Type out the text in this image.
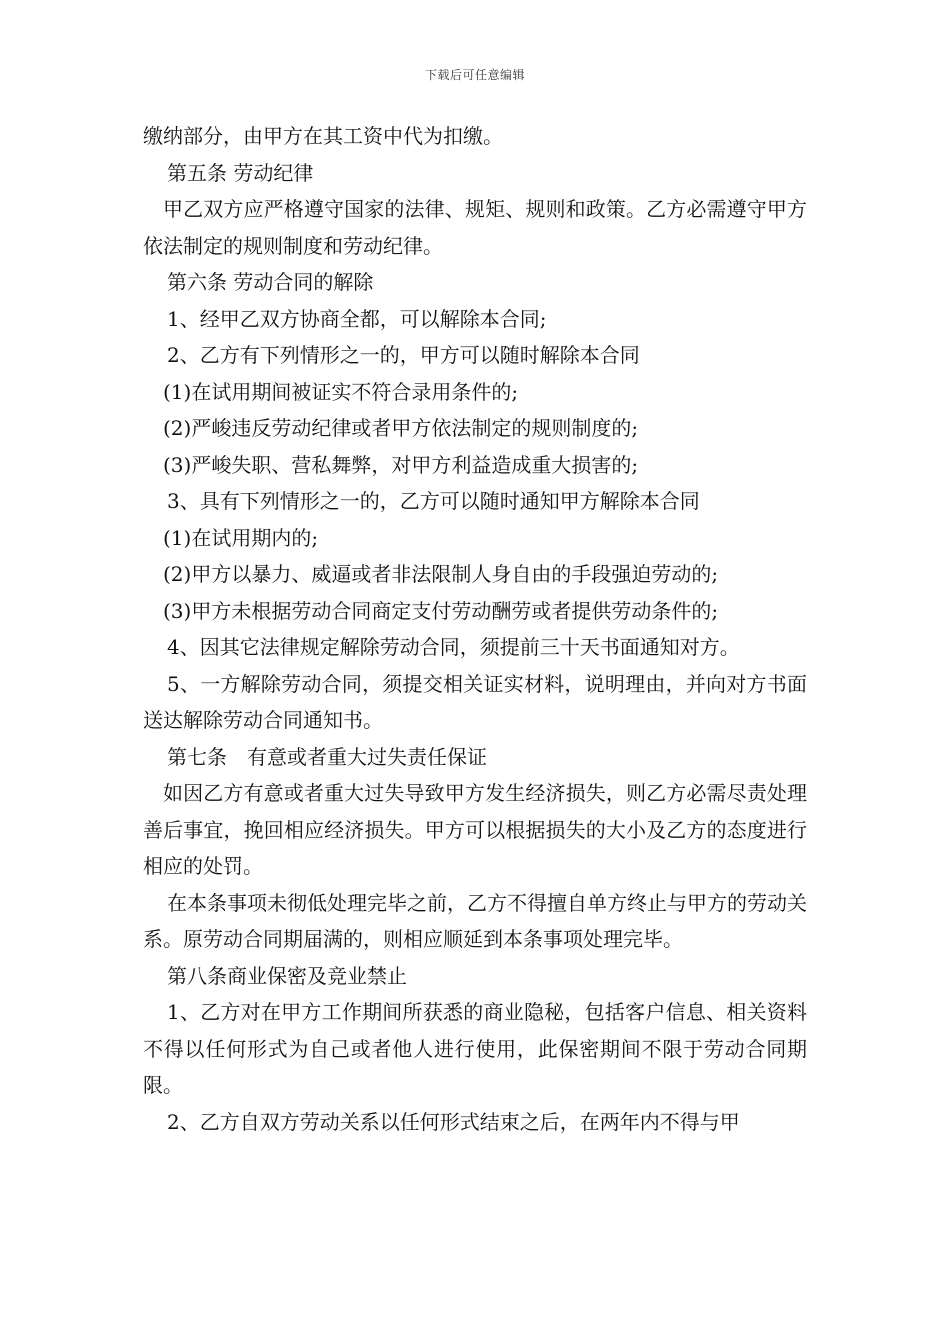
下载后可任意编辑

缴纳部分，由甲方在其工资中代为扣缴。

第五条 劳动纪律

甲乙双方应严格遵守国家的法律、规矩、规则和政策。乙方必需遵守甲方依法制定的规则制度和劳动纪律。

第六条 劳动合同的解除

1、经甲乙双方协商全都，可以解除本合同;

2、乙方有下列情形之一的，甲方可以随时解除本合同

(1)在试用期间被证实不符合录用条件的;

(2)严峻违反劳动纪律或者甲方依法制定的规则制度的;

(3)严峻失职、营私舞弊，对甲方利益造成重大损害的;

3、具有下列情形之一的，乙方可以随时通知甲方解除本合同

(1)在试用期内的;

(2)甲方以暴力、威逼或者非法限制人身自由的手段强迫劳动的;

(3)甲方未根据劳动合同商定支付劳动酬劳或者提供劳动条件的;

4、因其它法律规定解除劳动合同，须提前三十天书面通知对方。

5、一方解除劳动合同，须提交相关证实材料，说明理由，并向对方书面送达解除劳动合同通知书。

第七条　有意或者重大过失责任保证

如因乙方有意或者重大过失导致甲方发生经济损失，则乙方必需尽责处理善后事宜，挽回相应经济损失。甲方可以根据损失的大小及乙方的态度进行相应的处罚。

在本条事项未彻低处理完毕之前，乙方不得擅自单方终止与甲方的劳动关系。原劳动合同期届满的，则相应顺延到本条事项处理完毕。

第八条商业保密及竞业禁止

1、乙方对在甲方工作期间所获悉的商业隐秘，包括客户信息、相关资料不得以任何形式为自己或者他人进行使用，此保密期间不限于劳动合同期限。

2、乙方自双方劳动关系以任何形式结束之后，在两年内不得与甲
